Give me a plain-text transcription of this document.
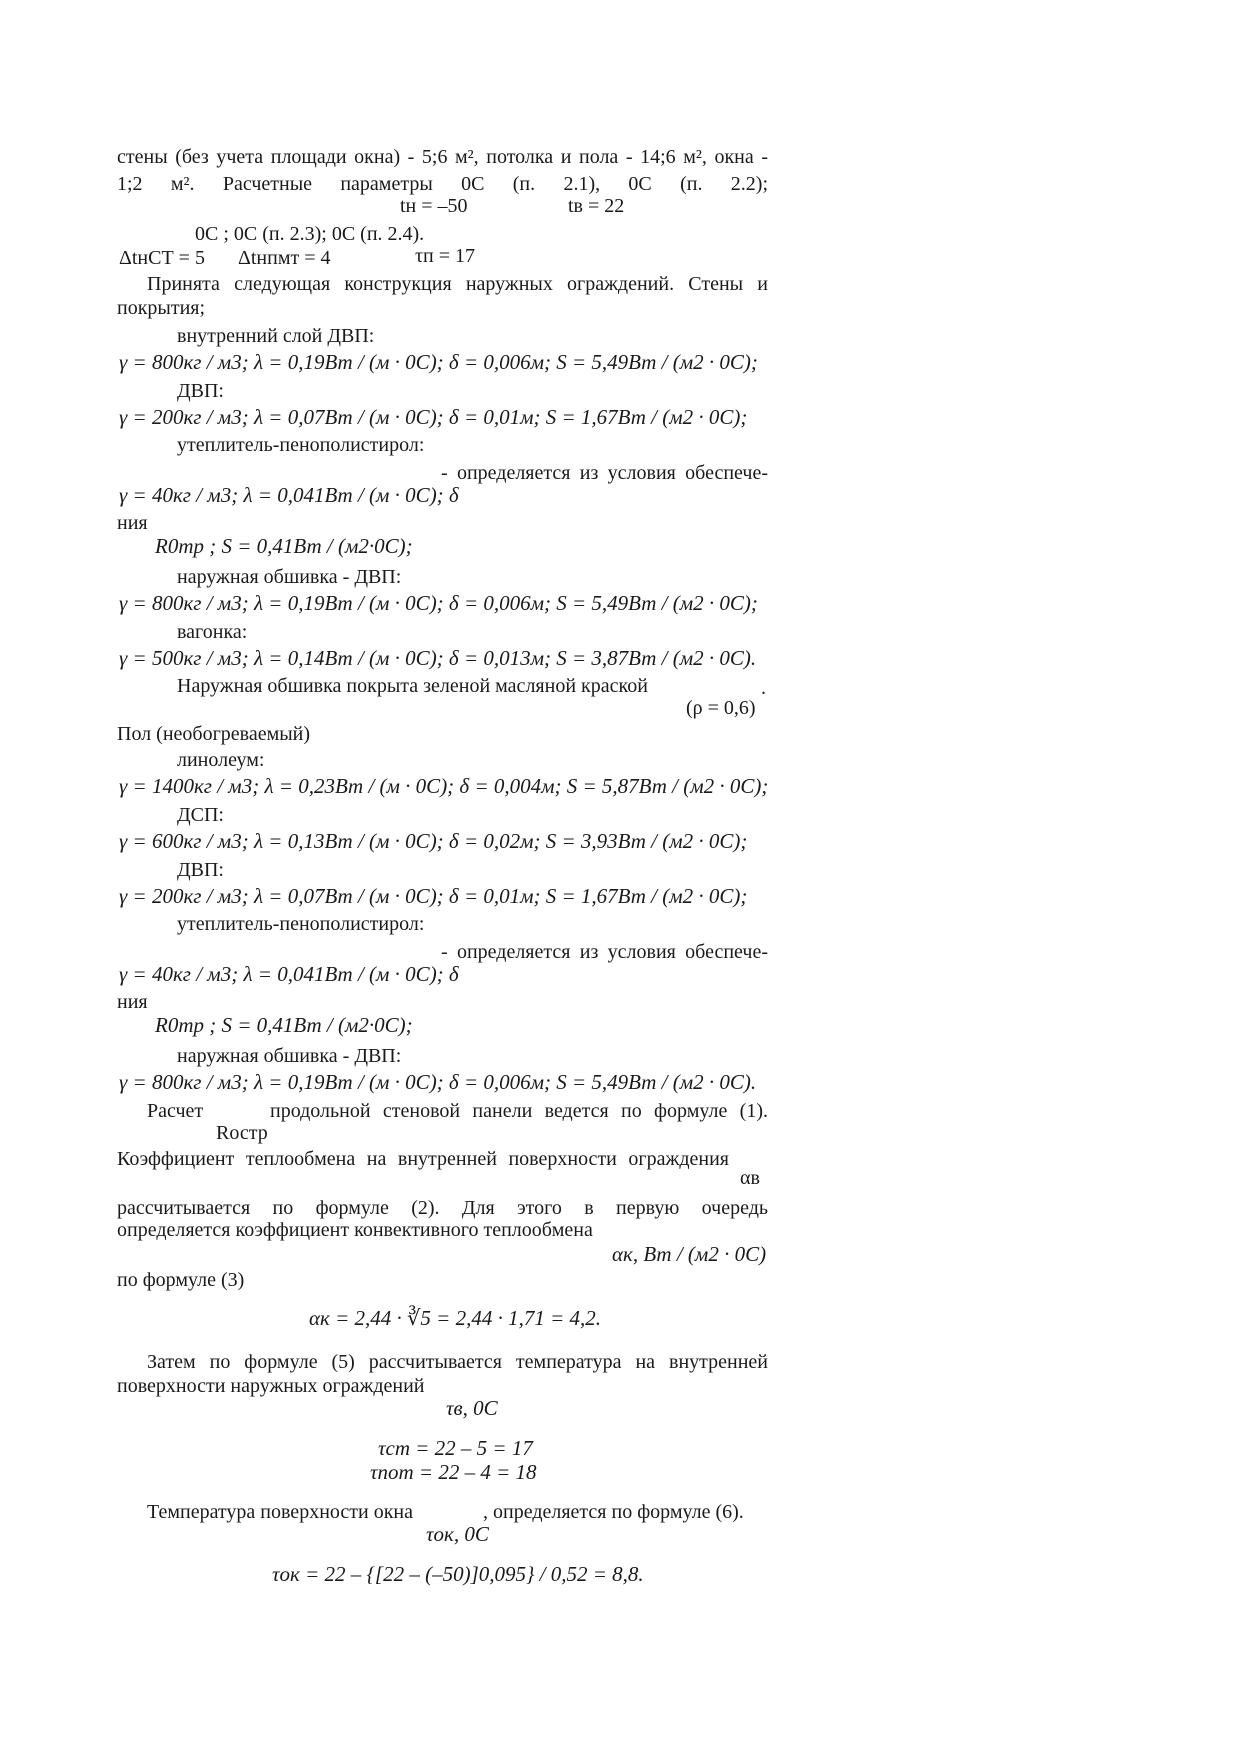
стены (без учета площади окна) - 5;6 м², потолка и пола - 14;6 м², окна -
1;2 м². Расчетные параметры 0С (п. 2.1), 0С (п. 2.2);
tн = –50	tв = 22
0С ; 0С (п. 2.3); 0С (п. 2.4).
ΔtнСТ = 5 Δtнпмт = 4	τп = 17
Принята следующая конструкция наружных ограждений. Стены и
покрытия;
внутренний слой ДВП:
γ = 800кг / м3; λ = 0,19Вт / (м · 0С); δ = 0,006м; S = 5,49Вт / (м2 · 0С);
ДВП:
γ = 200кг / м3; λ = 0,07Вт / (м · 0С); δ = 0,01м; S = 1,67Вт / (м2 · 0С);
утеплитель-пенополистирол:
- определяется из условия обеспече-
γ = 40кг / м3; λ = 0,041Вт / (м · 0С); δ
ния
R0тр ; S = 0,41Вт / (м2·0С);
наружная обшивка - ДВП:
γ = 800кг / м3; λ = 0,19Вт / (м · 0С); δ = 0,006м; S = 5,49Вт / (м2 · 0С);
вагонка:
γ = 500кг / м3; λ = 0,14Вт / (м · 0С); δ = 0,013м; S = 3,87Вт / (м2 · 0С).
Наружная обшивка покрыта зеленой масляной краской
(ρ = 0,6)
.
Пол (необогреваемый)
линолеум:
γ = 1400кг / м3; λ = 0,23Вт / (м · 0С); δ = 0,004м; S = 5,87Вт / (м2 · 0С);
ДСП:
γ = 600кг / м3; λ = 0,13Вт / (м · 0С); δ = 0,02м; S = 3,93Вт / (м2 · 0С);
ДВП:
γ = 200кг / м3; λ = 0,07Вт / (м · 0С); δ = 0,01м; S = 1,67Вт / (м2 · 0С);
утеплитель-пенополистирол:
- определяется из условия обеспече-
γ = 40кг / м3; λ = 0,041Вт / (м · 0С); δ
ния
R0тр ; S = 0,41Вт / (м2·0С);
наружная обшивка - ДВП:
γ = 800кг / м3; λ = 0,19Вт / (м · 0С); δ = 0,006м; S = 5,49Вт / (м2 · 0С).
Расчет	продольной стеновой панели ведется по формуле (1).
Rостр
Коэффициент теплообмена на внутренней поверхности ограждения
αв
рассчитывается по формуле (2). Для этого в первую очередь
определяется коэффициент конвективного теплообмена
αк, Вт / (м2 · 0С)
по формуле (3)
αк = 2,44 · ∛5 = 2,44 · 1,71 = 4,2.
Затем по формуле (5) рассчитывается температура на внутренней
поверхности наружных ограждений
τв, 0С
τст = 22 – 5 = 17
τпот = 22 – 4 = 18
Температура поверхности окна	, определяется по формуле (6).
τок, 0С
τок = 22 – {[22 – (–50)]0,095} / 0,52 = 8,8.
